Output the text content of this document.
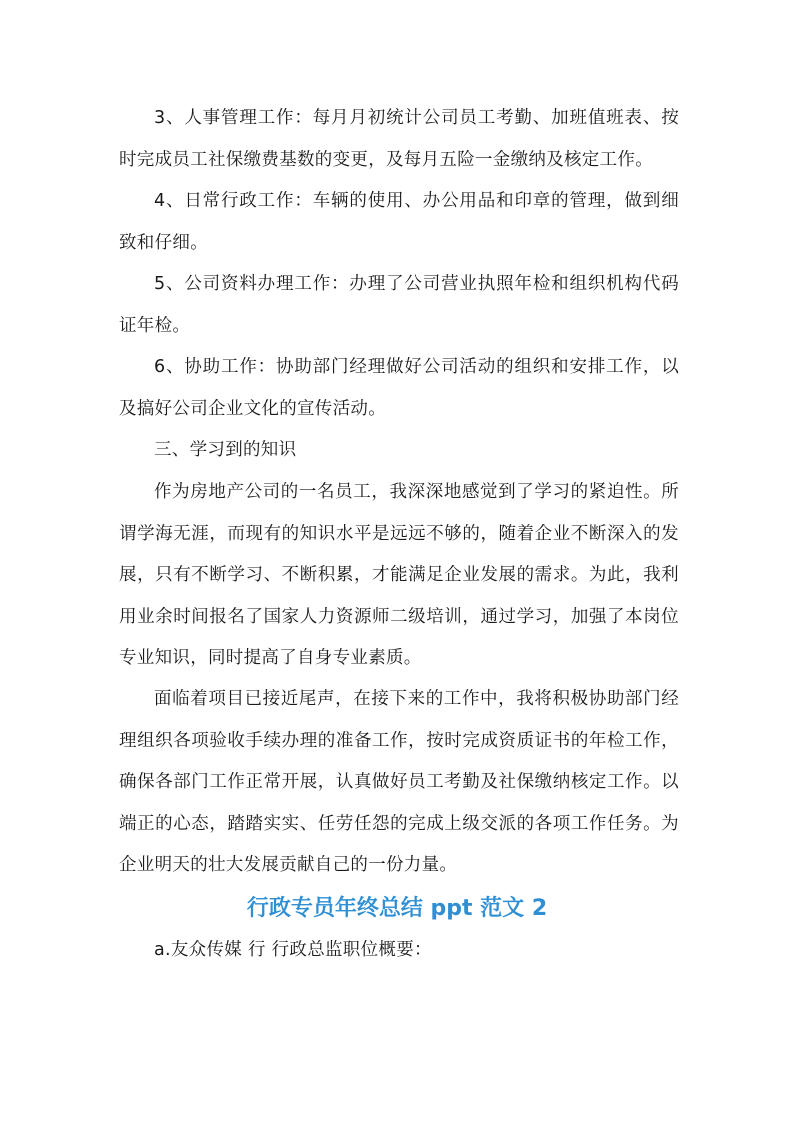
3、人事管理工作：每月月初统计公司员工考勤、加班值班表、按时完成员工社保缴费基数的变更，及每月五险一金缴纳及核定工作。

4、日常行政工作：车辆的使用、办公用品和印章的管理，做到细致和仔细。

5、公司资料办理工作：办理了公司营业执照年检和组织机构代码证年检。

6、协助工作：协助部门经理做好公司活动的组织和安排工作，以及搞好公司企业文化的宣传活动。

三、学习到的知识

作为房地产公司的一名员工，我深深地感觉到了学习的紧迫性。所谓学海无涯，而现有的知识水平是远远不够的，随着企业不断深入的发展，只有不断学习、不断积累，才能满足企业发展的需求。为此，我利用业余时间报名了国家人力资源师二级培训，通过学习，加强了本岗位专业知识，同时提高了自身专业素质。

面临着项目已接近尾声，在接下来的工作中，我将积极协助部门经理组织各项验收手续办理的准备工作，按时完成资质证书的年检工作，确保各部门工作正常开展，认真做好员工考勤及社保缴纳核定工作。以端正的心态，踏踏实实、任劳任怨的完成上级交派的各项工作任务。为企业明天的壮大发展贡献自己的一份力量。

行政专员年终总结 ppt 范文 2

a.友众传媒 行 行政总监职位概要：
